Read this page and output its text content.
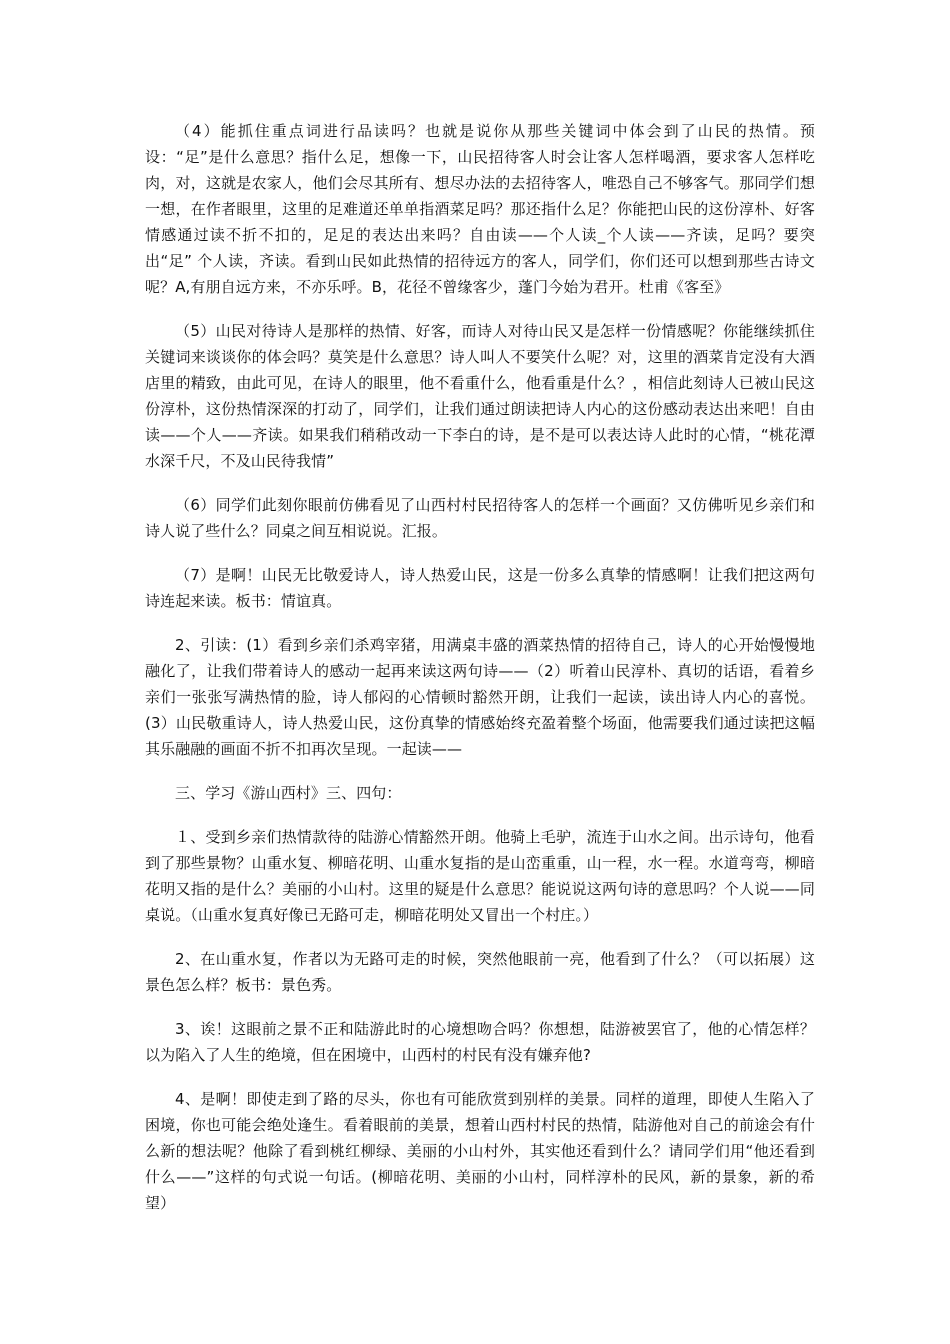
（4）能抓住重点词进行品读吗？也就是说你从那些关键词中体会到了山民的热情。预设：“足”是什么意思？指什么足，想像一下，山民招待客人时会让客人怎样喝酒，要求客人怎样吃肉，对，这就是农家人，他们会尽其所有、想尽办法的去招待客人，唯恐自己不够客气。那同学们想一想，在作者眼里，这里的足难道还单单指酒菜足吗？那还指什么足？你能把山民的这份淳朴、好客情感通过读不折不扣的，足足的表达出来吗？自由读——个人读_个人读——齐读，足吗？要突出“足” 个人读，齐读。看到山民如此热情的招待远方的客人，同学们，你们还可以想到那些古诗文呢？A,有朋自远方来，不亦乐呼。B，花径不曾缘客少，蓬门今始为君开。杜甫《客至》

（5）山民对待诗人是那样的热情、好客，而诗人对待山民又是怎样一份情感呢？你能继续抓住关键词来谈谈你的体会吗？莫笑是什么意思？诗人叫人不要笑什么呢？对，这里的酒菜肯定没有大酒店里的精致，由此可见，在诗人的眼里，他不看重什么，他看重是什么？，相信此刻诗人已被山民这份淳朴，这份热情深深的打动了，同学们，让我们通过朗读把诗人内心的这份感动表达出来吧！自由读——个人——齐读。如果我们稍稍改动一下李白的诗，是不是可以表达诗人此时的心情，“桃花潭水深千尺，不及山民待我情”

（6）同学们此刻你眼前仿佛看见了山西村村民招待客人的怎样一个画面？又仿佛听见乡亲们和诗人说了些什么？同桌之间互相说说。汇报。

（7）是啊！山民无比敬爱诗人，诗人热爱山民，这是一份多么真挚的情感啊！让我们把这两句诗连起来读。板书：情谊真。

2、引读：(1）看到乡亲们杀鸡宰猪，用满桌丰盛的酒菜热情的招待自己，诗人的心开始慢慢地融化了，让我们带着诗人的感动一起再来读这两句诗——（2）听着山民淳朴、真切的话语，看着乡亲们一张张写满热情的脸，诗人郁闷的心情顿时豁然开朗，让我们一起读，读出诗人内心的喜悦。(3）山民敬重诗人，诗人热爱山民，这份真挚的情感始终充盈着整个场面，他需要我们通过读把这幅其乐融融的画面不折不扣再次呈现。一起读——

三、学习《游山西村》三、四句：

１、受到乡亲们热情款待的陆游心情豁然开朗。他骑上毛驴，流连于山水之间。出示诗句，他看到了那些景物？山重水复、柳暗花明、山重水复指的是山峦重重，山一程，水一程。水道弯弯，柳暗花明又指的是什么？美丽的小山村。这里的疑是什么意思？能说说这两句诗的意思吗？个人说——同桌说。（山重水复真好像已无路可走，柳暗花明处又冒出一个村庄。）

2、在山重水复，作者以为无路可走的时候，突然他眼前一亮，他看到了什么？（可以拓展）这景色怎么样？板书：景色秀。

3、诶！这眼前之景不正和陆游此时的心境想吻合吗？你想想，陆游被罢官了，他的心情怎样？以为陷入了人生的绝境，但在困境中，山西村的村民有没有嫌弃他?

4、是啊！即使走到了路的尽头，你也有可能欣赏到别样的美景。同样的道理，即使人生陷入了困境，你也可能会绝处逢生。看着眼前的美景，想着山西村村民的热情，陆游他对自己的前途会有什么新的想法呢？他除了看到桃红柳绿、美丽的小山村外，其实他还看到什么？请同学们用“他还看到什么——”这样的句式说一句话。(柳暗花明、美丽的小山村，同样淳朴的民风，新的景象，新的希望）
